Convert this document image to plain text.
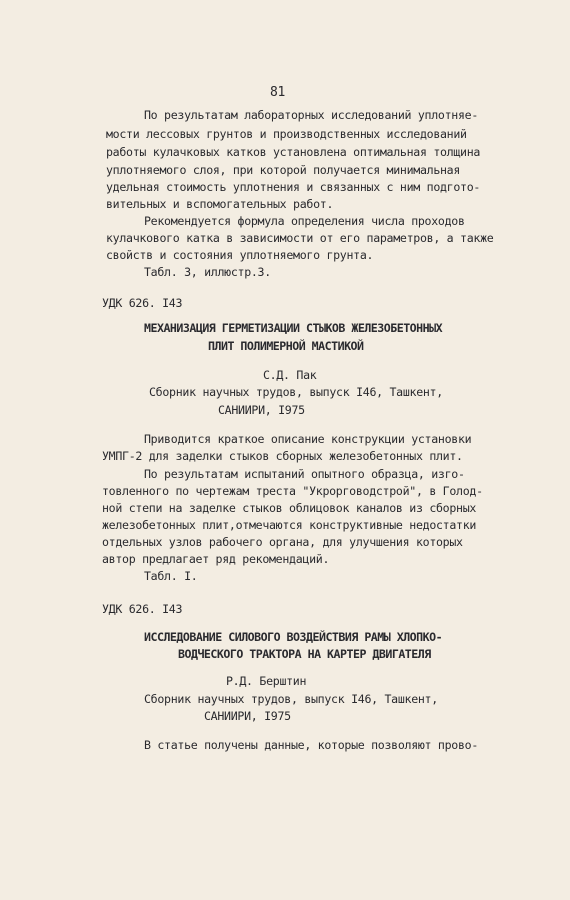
81
По результатам лабораторных исследований уплотняе-
мости лессовых грунтов и производственных исследований
работы кулачковых катков установлена оптимальная толщина
уплотняемого слоя, при которой получается минимальная
удельная стоимость уплотнения и связанных с ним подгото-
вительных и вспомогательных работ.
Рекомендуется формула определения числа проходов
кулачкового катка в зависимости от его параметров, а также
свойств и состояния уплотняемого грунта.
Табл. 3, иллюстр.3.
УДК 626. I43
МЕХАНИЗАЦИЯ ГЕРМЕТИЗАЦИИ СТЫКОВ ЖЕЛЕЗОБЕТОННЫХ
ПЛИТ ПОЛИМЕРНОЙ МАСТИКОЙ
С.Д. Пак
Сборник научных трудов, выпуск I46, Ташкент,
САНИИРИ, I975
Приводится краткое описание конструкции установки
УМПГ-2 для заделки стыков сборных железобетонных плит.
По результатам испытаний опытного образца, изго-
товленного по чертежам треста "Укрорговодстрой", в Голод-
ной степи на заделке стыков облицовок каналов из сборных
железобетонных плит,отмечаются конструктивные недостатки
отдельных узлов рабочего органа, для улучшения которых
автор предлагает ряд рекомендаций.
Табл. I.
УДК 626. I43
ИССЛЕДОВАНИЕ СИЛОВОГО ВОЗДЕЙСТВИЯ РАМЫ ХЛОПКО-
ВОДЧЕСКОГО ТРАКТОРА НА КАРТЕР ДВИГАТЕЛЯ
Р.Д. Берштин
Сборник научных трудов, выпуск I46, Ташкент,
САНИИРИ, I975
В статье получены данные, которые позволяют прово-
